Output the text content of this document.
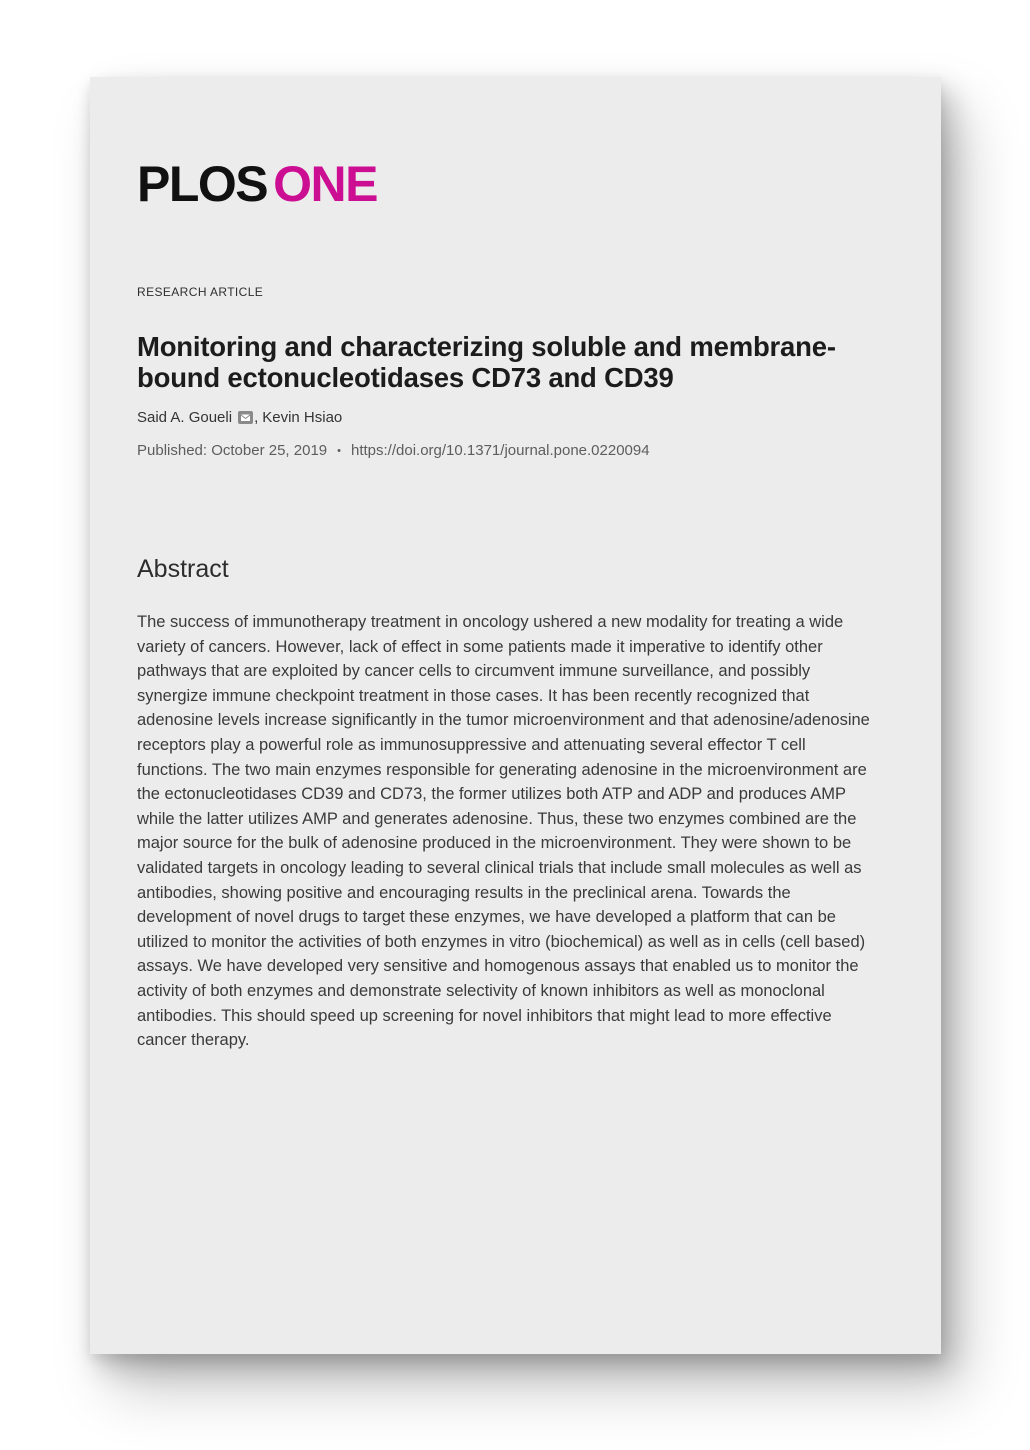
PLOS ONE
RESEARCH ARTICLE
Monitoring and characterizing soluble and membrane-bound ectonucleotidases CD73 and CD39
Said A. Goueli , Kevin Hsiao
Published: October 25, 2019 • https://doi.org/10.1371/journal.pone.0220094
Abstract

The success of immunotherapy treatment in oncology ushered a new modality for treating a wide variety of cancers. However, lack of effect in some patients made it imperative to identify other pathways that are exploited by cancer cells to circumvent immune surveillance, and possibly synergize immune checkpoint treatment in those cases. It has been recently recognized that adenosine levels increase significantly in the tumor microenvironment and that adenosine/adenosine receptors play a powerful role as immunosuppressive and attenuating several effector T cell functions. The two main enzymes responsible for generating adenosine in the microenvironment are the ectonucleotidases CD39 and CD73, the former utilizes both ATP and ADP and produces AMP while the latter utilizes AMP and generates adenosine. Thus, these two enzymes combined are the major source for the bulk of adenosine produced in the microenvironment. They were shown to be validated targets in oncology leading to several clinical trials that include small molecules as well as antibodies, showing positive and encouraging results in the preclinical arena. Towards the development of novel drugs to target these enzymes, we have developed a platform that can be utilized to monitor the activities of both enzymes in vitro (biochemical) as well as in cells (cell based) assays. We have developed very sensitive and homogenous assays that enabled us to monitor the activity of both enzymes and demonstrate selectivity of known inhibitors as well as monoclonal antibodies. This should speed up screening for novel inhibitors that might lead to more effective cancer therapy.
